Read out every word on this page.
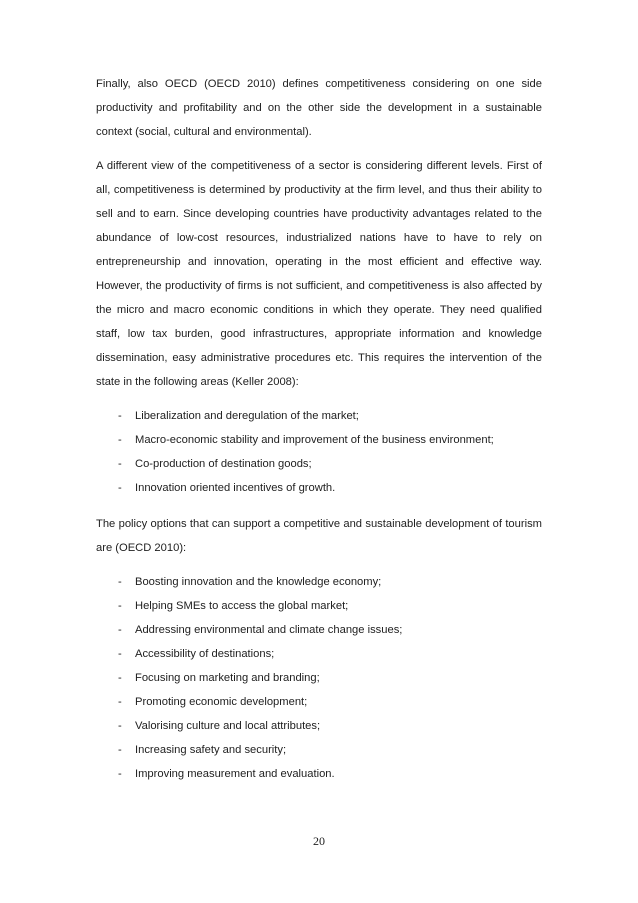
Finally, also OECD (OECD 2010) defines competitiveness considering on one side productivity and profitability and on the other side the development in a sustainable context (social, cultural and environmental).

A different view of the competitiveness of a sector is considering different levels. First of all, competitiveness is determined by productivity at the firm level, and thus their ability to sell and to earn. Since developing countries have productivity advantages related to the abundance of low-cost resources, industrialized nations have to have to rely on entrepreneurship and innovation, operating in the most efficient and effective way. However, the productivity of firms is not sufficient, and competitiveness is also affected by the micro and macro economic conditions in which they operate. They need qualified staff, low tax burden, good infrastructures, appropriate information and knowledge dissemination, easy administrative procedures etc. This requires the intervention of the state in the following areas (Keller 2008):

- Liberalization and deregulation of the market;
- Macro-economic stability and improvement of the business environment;
- Co-production of destination goods;
- Innovation oriented incentives of growth.

The policy options that can support a competitive and sustainable development of tourism are (OECD 2010):

- Boosting innovation and the knowledge economy;
- Helping SMEs to access the global market;
- Addressing environmental and climate change issues;
- Accessibility of destinations;
- Focusing on marketing and branding;
- Promoting economic development;
- Valorising culture and local attributes;
- Increasing safety and security;
- Improving measurement and evaluation.
20
